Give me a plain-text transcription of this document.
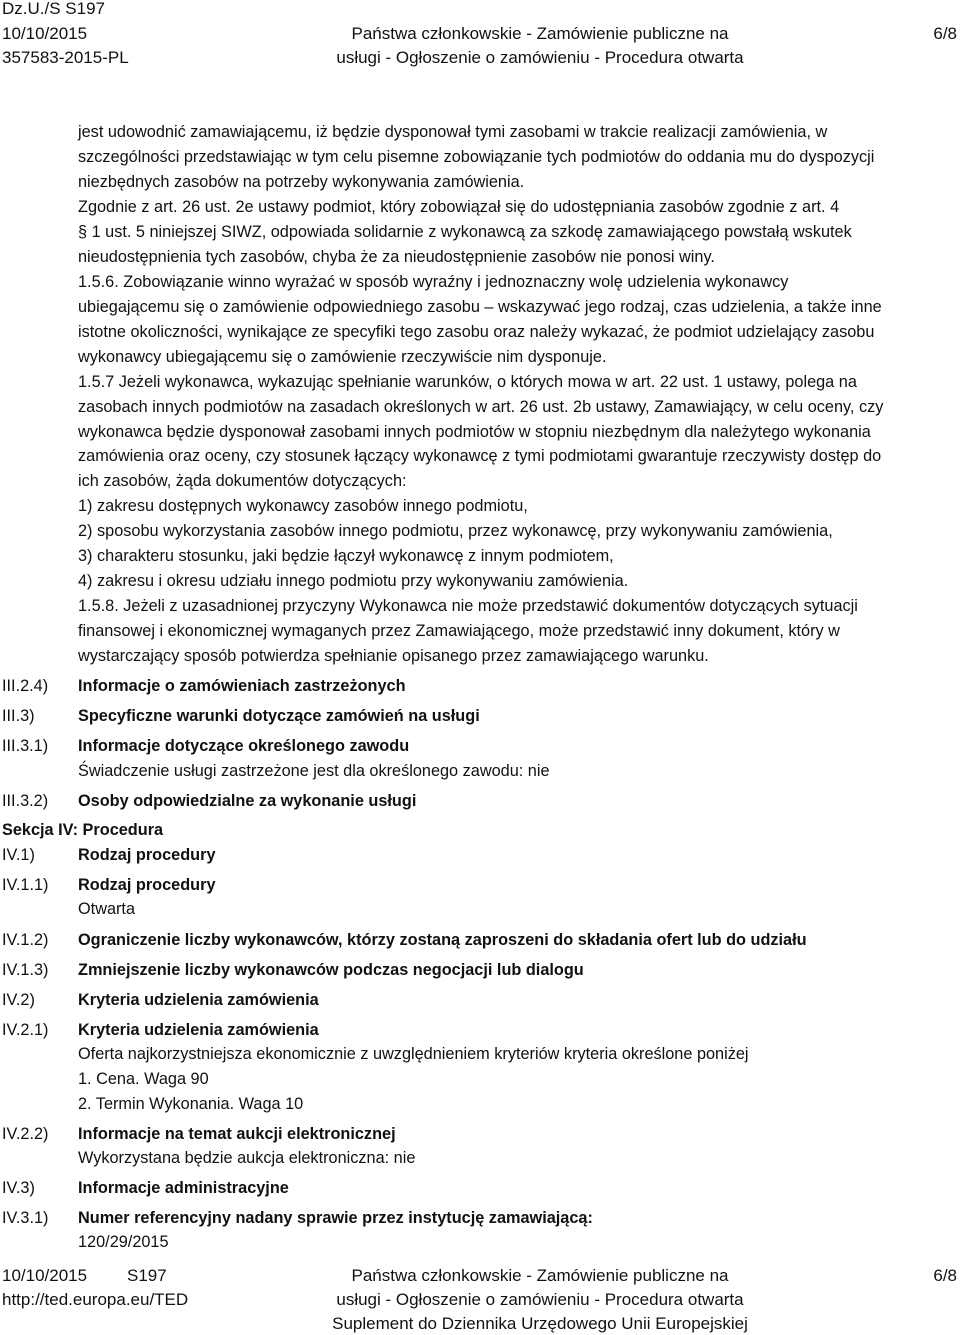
Dz.U./S S197
10/10/2015
357583-2015-PL
Państwa członkowskie - Zamówienie publiczne na
usługi - Ogłoszenie o zamówieniu - Procedura otwarta
6/8
jest udowodnić zamawiającemu, iż będzie dysponował tymi zasobami w trakcie realizacji zamówienia, w
szczególności przedstawiając w tym celu pisemne zobowiązanie tych podmiotów do oddania mu do dyspozycji
niezbędnych zasobów na potrzeby wykonywania zamówienia.
Zgodnie z art. 26 ust. 2e ustawy podmiot, który zobowiązał się do udostępniania zasobów zgodnie z art. 4
§ 1 ust. 5 niniejszej SIWZ, odpowiada solidarnie z wykonawcą za szkodę zamawiającego powstałą wskutek
nieudostępnienia tych zasobów, chyba że za nieudostępnienie zasobów nie ponosi winy.
1.5.6. Zobowiązanie winno wyrażać w sposób wyraźny i jednoznaczny wolę udzielenia wykonawcy
ubiegającemu się o zamówienie odpowiedniego zasobu – wskazywać jego rodzaj, czas udzielenia, a także inne
istotne okoliczności, wynikające ze specyfiki tego zasobu oraz należy wykazać, że podmiot udzielający zasobu
wykonawcy ubiegającemu się o zamówienie rzeczywiście nim dysponuje.
1.5.7 Jeżeli wykonawca, wykazując spełnianie warunków, o których mowa w art. 22 ust. 1 ustawy, polega na
zasobach innych podmiotów na zasadach określonych w art. 26 ust. 2b ustawy, Zamawiający, w celu oceny, czy
wykonawca będzie dysponował zasobami innych podmiotów w stopniu niezbędnym dla należytego wykonania
zamówienia oraz oceny, czy stosunek łączący wykonawcę z tymi podmiotami gwarantuje rzeczywisty dostęp do
ich zasobów, żąda dokumentów dotyczących:
1) zakresu dostępnych wykonawcy zasobów innego podmiotu,
2) sposobu wykorzystania zasobów innego podmiotu, przez wykonawcę, przy wykonywaniu zamówienia,
3) charakteru stosunku, jaki będzie łączył wykonawcę z innym podmiotem,
4) zakresu i okresu udziału innego podmiotu przy wykonywaniu zamówienia.
1.5.8. Jeżeli z uzasadnionej przyczyny Wykonawca nie może przedstawić dokumentów dotyczących sytuacji
finansowej i ekonomicznej wymaganych przez Zamawiającego, może przedstawić inny dokument, który w
wystarczający sposób potwierdza spełnianie opisanego przez zamawiającego warunku.
III.2.4) Informacje o zamówieniach zastrzeżonych
III.3)	Specyficzne warunki dotyczące zamówień na usługi
III.3.1) Informacje dotyczące określonego zawodu
Świadczenie usługi zastrzeżone jest dla określonego zawodu: nie
III.3.2) Osoby odpowiedzialne za wykonanie usługi
Sekcja IV: Procedura
IV.1)	Rodzaj procedury
IV.1.1) Rodzaj procedury
Otwarta
IV.1.2) Ograniczenie liczby wykonawców, którzy zostaną zaproszeni do składania ofert lub do udziału
IV.1.3) Zmniejszenie liczby wykonawców podczas negocjacji lub dialogu
IV.2)	Kryteria udzielenia zamówienia
IV.2.1) Kryteria udzielenia zamówienia
Oferta najkorzystniejsza ekonomicznie z uwzględnieniem kryteriów kryteria określone poniżej
1. Cena. Waga 90
2. Termin Wykonania. Waga 10
IV.2.2) Informacje na temat aukcji elektronicznej
Wykorzystana będzie aukcja elektroniczna: nie
IV.3)	Informacje administracyjne
IV.3.1) Numer referencyjny nadany sprawie przez instytucję zamawiającą:
120/29/2015
10/10/2015 S197
http://ted.europa.eu/TED
Państwa członkowskie - Zamówienie publiczne na
usługi - Ogłoszenie o zamówieniu - Procedura otwarta
Suplement do Dziennika Urzędowego Unii Europejskiej
6/8
